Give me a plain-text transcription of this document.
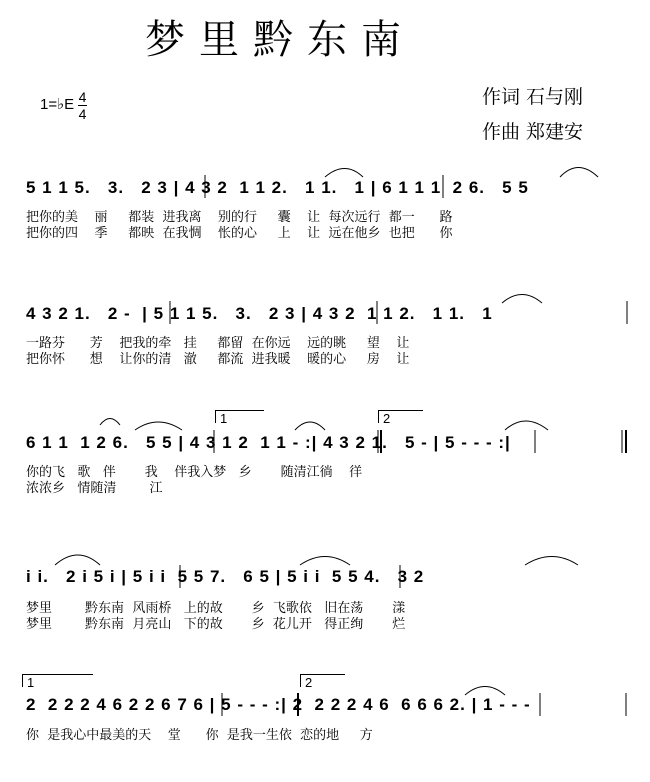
梦里黔东南
作词 石与刚
作曲 郑建安
1=♭E 4
4
5 1 1 5.   3.   2 3 | 4 3 2  1 1 2.   1 1.   1 | 6 1 1 1  2 6.   5 5
把你的美    丽     都装  进我离    别的行     囊    让  每次远行  都一      路
把你的四    季     都映  在我惆    怅的心     上    让  远在他乡  也把      你
4 3 2 1.   2 -  | 5 1 1 5.   3.   2 3 | 4 3 2  1 1 2.   1 1.   1
一路芬      芳    把我的牵   挂     都留  在你远    远的眺     望    让
把你怀      想    让你的清   澈     都流  进我暖    暖的心     房    让
6 1 1  1 2 6.   5 5 | 4 3 1 2  1 1 - :| 4 3 2 1.   5 - | 5 - - - :|
你的飞   歌   伴       我    伴我入梦   乡       随清江徜    徉
浓浓乡   情随清        江
i i.   2 i 5 i | 5 i i  5 5 7.   6 5 | 5 i i  5 5 4.   3 2
梦里        黔东南  风雨桥   上的故       乡  飞歌依   旧在荡       漾
梦里        黔东南  月亮山   下的故       乡  花儿开   得正绚       烂
2  2 2 2 4 6 2 2 6 7 6 | 5 - - - :| 2  2 2 2 4 6  6 6 6 2. | 1 - - -
你  是我心中最美的天    堂      你  是我一生依  恋的地     方
1	2
1	2
